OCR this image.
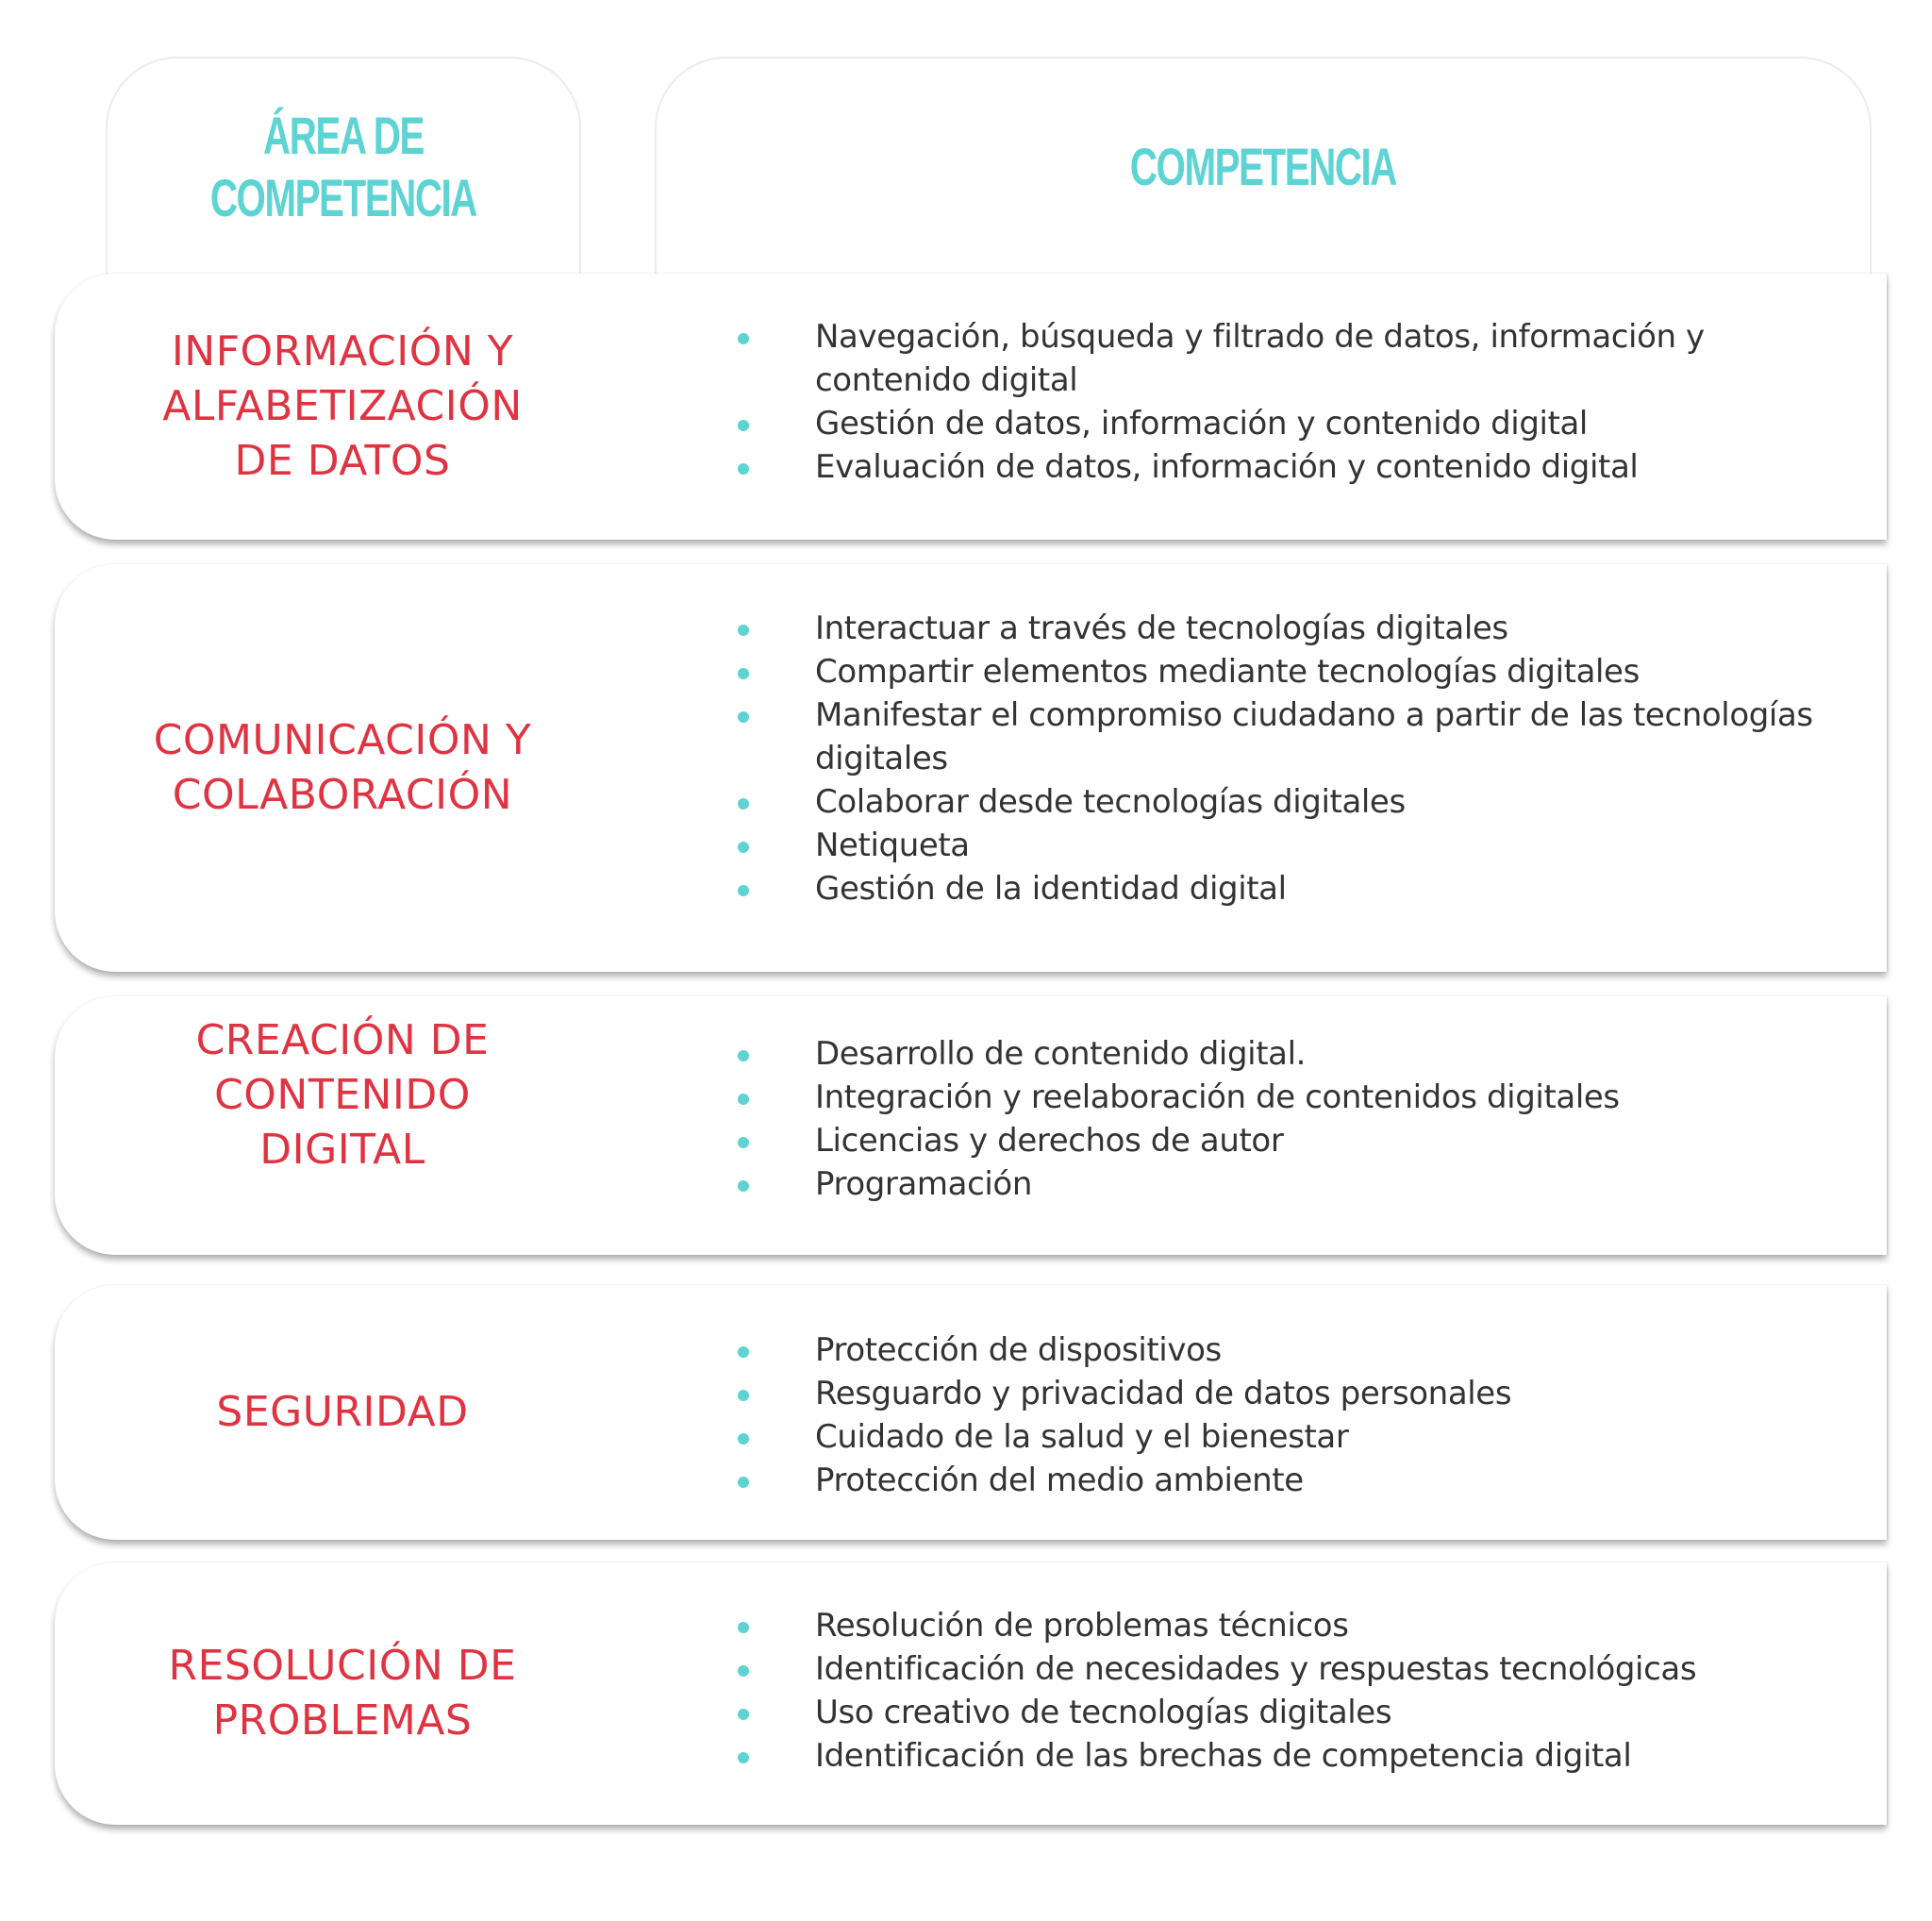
ÁREA DE
COMPETENCIA
COMPETENCIA
INFORMACIÓN Y
ALFABETIZACIÓN
DE DATOS
Navegación, búsqueda y filtrado de datos, información y contenido digital
Gestión de datos, información y contenido digital
Evaluación de datos, información y contenido digital
COMUNICACIÓN Y
COLABORACIÓN
Interactuar a través de tecnologías digitales
Compartir elementos mediante tecnologías digitales
Manifestar el compromiso ciudadano a partir de las tecnologías digitales
Colaborar desde tecnologías digitales
Netiqueta
Gestión de la identidad digital
CREACIÓN DE
CONTENIDO
DIGITAL
Desarrollo de contenido digital.
Integración y reelaboración de contenidos digitales
Licencias y derechos de autor
Programación
SEGURIDAD
Protección de dispositivos
Resguardo y privacidad de datos personales
Cuidado de la salud y el bienestar
Protección del medio ambiente
RESOLUCIÓN DE
PROBLEMAS
Resolución de problemas técnicos
Identificación de necesidades y respuestas tecnológicas
Uso creativo de tecnologías digitales
Identificación de las brechas de competencia digital
